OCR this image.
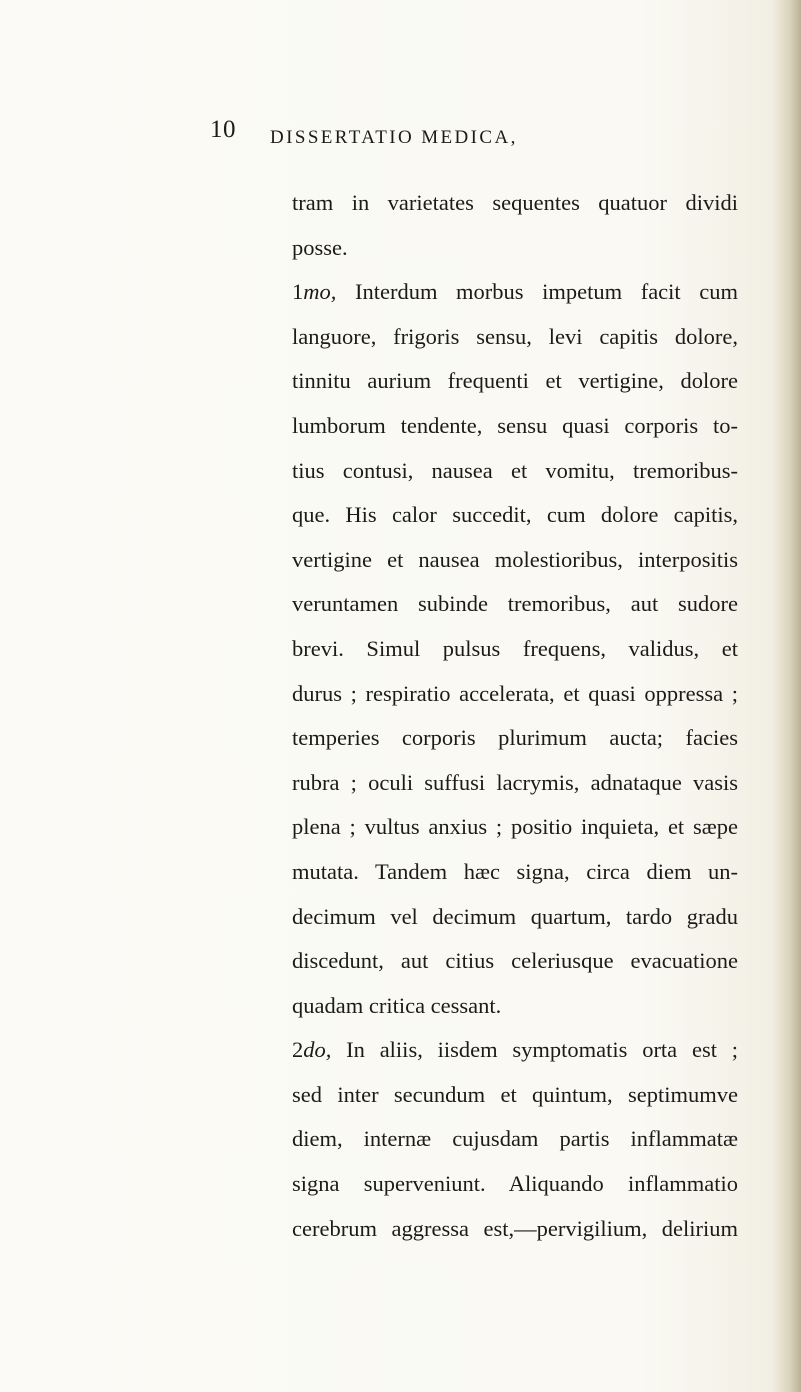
10 DISSERTATIO MEDICA,
tram in varietates sequentes quatuor dividi
posse.
1mo, Interdum morbus impetum facit cum
languore, frigoris sensu, levi capitis dolore,
tinnitu aurium frequenti et vertigine, dolore
lumborum tendente, sensu quasi corporis to-
tius contusi, nausea et vomitu, tremoribus-
que. His calor succedit, cum dolore capitis,
vertigine et nausea molestioribus, interpositis
veruntamen subinde tremoribus, aut sudore
brevi. Simul pulsus frequens, validus, et
durus ; respiratio accelerata, et quasi oppressa ;
temperies corporis plurimum aucta; facies
rubra ; oculi suffusi lacrymis, adnataque vasis
plena ; vultus anxius ; positio inquieta, et sæpe
mutata. Tandem hæc signa, circa diem un-
decimum vel decimum quartum, tardo gradu
discedunt, aut citius celeriusque evacuatione
quadam critica cessant.
2do, In aliis, iisdem symptomatis orta est ;
sed inter secundum et quintum, septimumve
diem, internæ cujusdam partis inflammatæ
signa superveniunt. Aliquando inflammatio
cerebrum aggressa est,—pervigilium, delirium
